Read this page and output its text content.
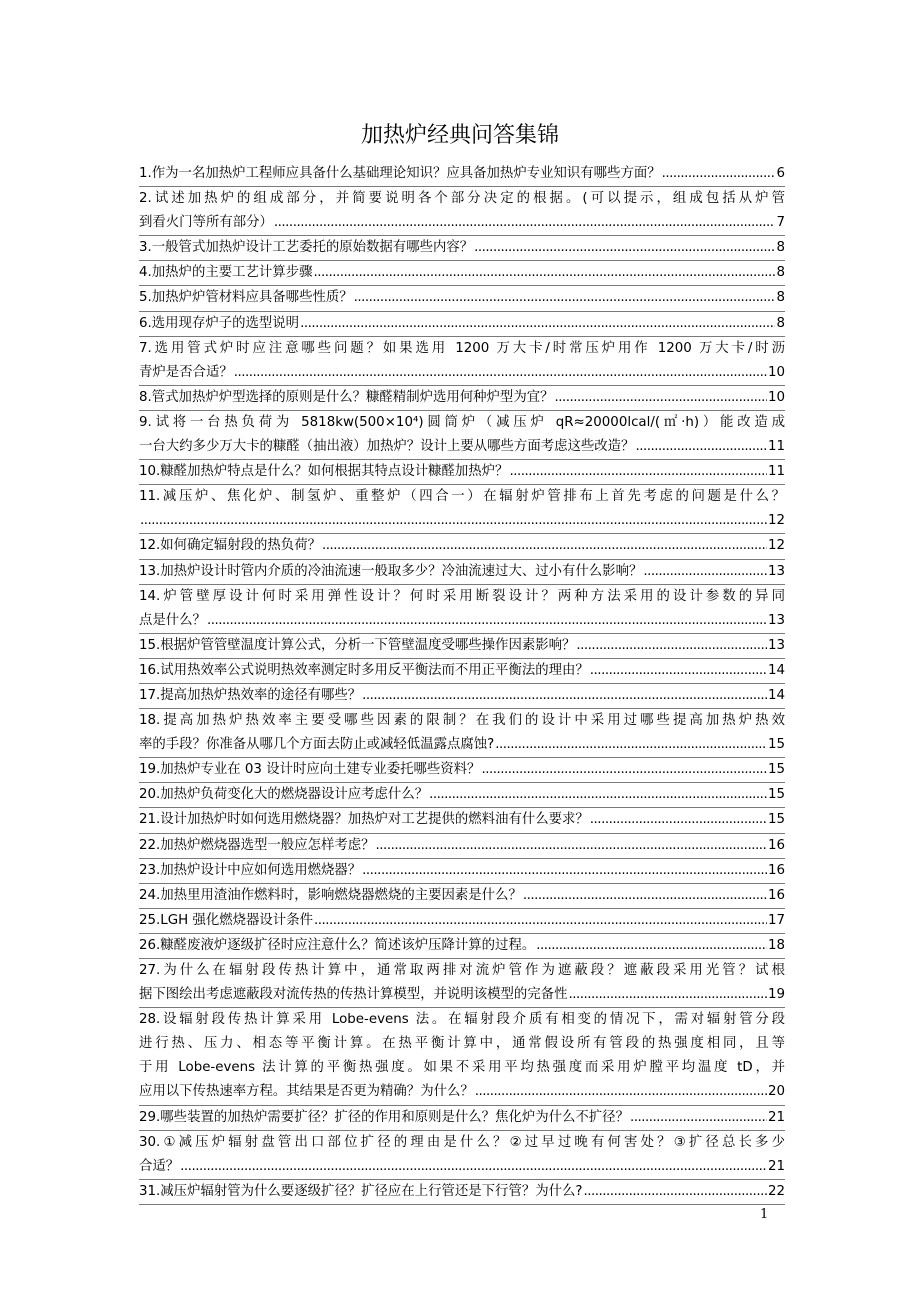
加热炉经典问答集锦
1.作为一名加热炉工程师应具备什么基础理论知识？应具备加热炉专业知识有哪些方面？ .....	6
2.试述加热炉的组成部分，并简要说明各个部分决定的根据。(可以提示，组成包括从炉管
到看火门等所有部分） .....	7
3.一般管式加热炉设计工艺委托的原始数据有哪些内容？ .....	8
4.加热炉的主要工艺计算步骤 .....	8
5.加热炉炉管材料应具备哪些性质？ .....	8
6.选用现存炉子的选型说明 .....	8
7.选用管式炉时应注意哪些问题？如果选用 1200 万大卡/时常压炉用作 1200 万大卡/时沥
青炉是否合适？ .....	10
8.管式加热炉炉型选择的原则是什么？糠醛精制炉选用何种炉型为宜？ .....	10
9.试将一台热负荷为 5818kw(500×10⁴)圆筒炉（减压炉 qR≈20000lcal/(㎡·h)）能改造成
一台大约多少万大卡的糠醛（抽出液）加热炉？设计上要从哪些方面考虑这些改造？ .....	11
10.糠醛加热炉特点是什么？如何根据其特点设计糠醛加热炉？ .....	11
11.减压炉、焦化炉、制氢炉、重整炉（四合一）在辐射炉管排布上首先考虑的问题是什么？
.....
12
12.如何确定辐射段的热负荷？ .....	12
13.加热炉设计时管内介质的冷油流速一般取多少？冷油流速过大、过小有什么影响？ .....	13
14.炉管壁厚设计何时采用弹性设计？何时采用断裂设计？两种方法采用的设计参数的异同
点是什么？ .....	13
15.根据炉管管壁温度计算公式，分析一下管壁温度受哪些操作因素影响？ .....	13
16.试用热效率公式说明热效率测定时多用反平衡法而不用正平衡法的理由？ .....	14
17.提高加热炉热效率的途径有哪些？ .....	14
18.提高加热炉热效率主要受哪些因素的限制？在我们的设计中采用过哪些提高加热炉热效
率的手段？你准备从哪几个方面去防止或减轻低温露点腐蚀? .....	15
19.加热炉专业在 03 设计时应向土建专业委托哪些资料？ .....	15
20.加热炉负荷变化大的燃烧器设计应考虑什么？ .....	15
21.设计加热炉时如何选用燃烧器？加热炉对工艺提供的燃料油有什么要求？ .....	15
22.加热炉燃烧器选型一般应怎样考虑？ .....	16
23.加热炉设计中应如何选用燃烧器？ .....	16
24.加热里用渣油作燃料时，影响燃烧器燃烧的主要因素是什么？ .....	16
25.LGH 强化燃烧器设计条件 .....	17
26.糠醛废液炉逐级扩径时应注意什么？简述该炉压降计算的过程。 .....	18
27.为什么在辐射段传热计算中，通常取两排对流炉管作为遮蔽段？遮蔽段采用光管？试根
据下图绘出考虑遮蔽段对流传热的传热计算模型，并说明该模型的完备性 .....	19
28.设辐射段传热计算采用 Lobe-evens 法。在辐射段介质有相变的情况下，需对辐射管分段
进行热、压力、相态等平衡计算。在热平衡计算中，通常假设所有管段的热强度相同，且等
于用 Lobe-evens 法计算的平衡热强度。如果不采用平均热强度而采用炉膛平均温度 tD，并
应用以下传热速率方程。其结果是否更为精确？为什么？ .....	20
29.哪些装置的加热炉需要扩径？扩径的作用和原则是什么？焦化炉为什么不扩径？ .....	21
30.①减压炉辐射盘管出口部位扩径的理由是什么？②过早过晚有何害处？③扩径总长多少
合适？ .....	21
31.减压炉辐射管为什么要逐级扩径？扩径应在上行管还是下行管？为什么? .....	22
1
